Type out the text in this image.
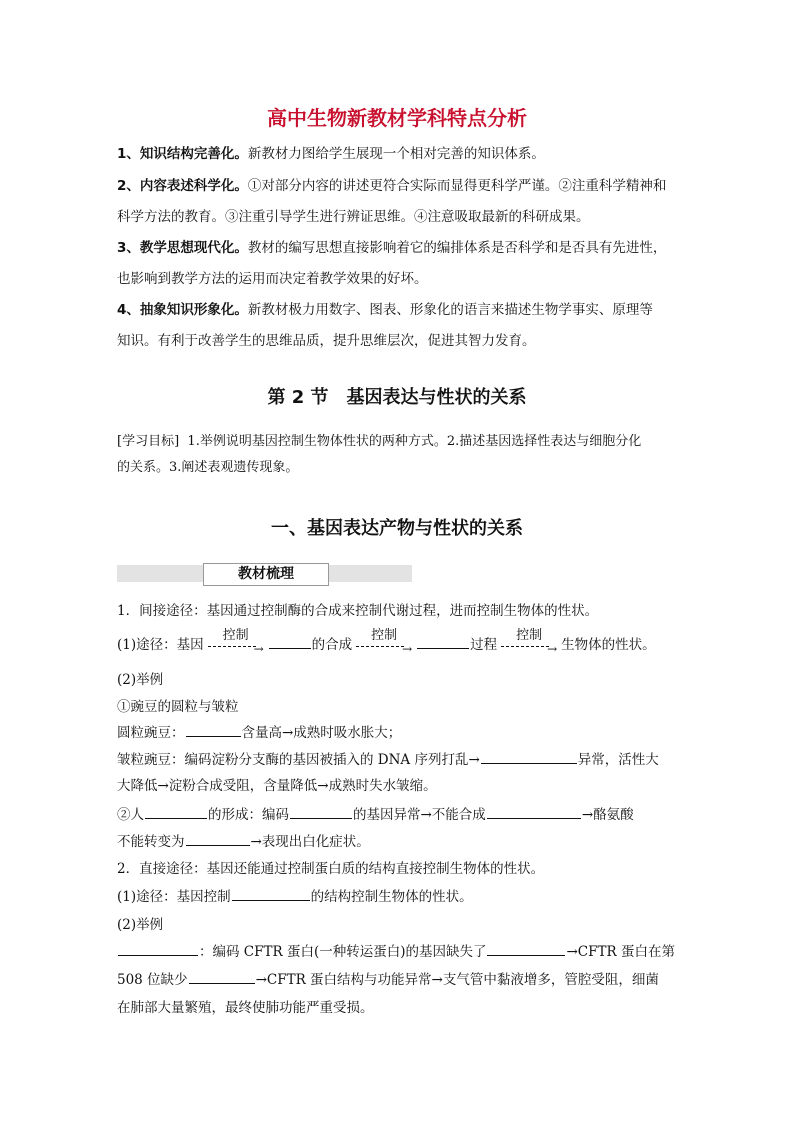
高中生物新教材学科特点分析
1、知识结构完善化。新教材力图给学生展现一个相对完善的知识体系。
2、内容表述科学化。①对部分内容的讲述更符合实际而显得更科学严谨。②注重科学精神和
科学方法的教育。③注重引导学生进行辨证思维。④注意吸取最新的科研成果。
3、教学思想现代化。教材的编写思想直接影响着它的编排体系是否科学和是否具有先进性，
也影响到教学方法的运用而决定着教学效果的好坏。
4、抽象知识形象化。新教材极力用数字、图表、形象化的语言来描述生物学事实、原理等
知识。有利于改善学生的思维品质，提升思维层次，促进其智力发育。
第 2 节　基因表达与性状的关系
[学习目标] 1.举例说明基因控制生物体性状的两种方式。2.描述基因选择性表达与细胞分化
的关系。3.阐述表观遗传现象。
一、基因表达产物与性状的关系
教材梳理
1．间接途径：基因通过控制酶的合成来控制代谢过程，进而控制生物体的性状。
(1)途径：基因
控制
→	的合成
控制
→	过程
控制
→ 生物体的性状。
(2)举例
①豌豆的圆粒与皱粒
圆粒豌豆：	含量高→成熟时吸水胀大；
皱粒豌豆：编码淀粉分支酶的基因被插入的 DNA 序列打乱→	异常，活性大
大降低→淀粉合成受阻，含量降低→成熟时失水皱缩。
②人	的形成：编码	的基因异常→不能合成	→酪氨酸
不能转变为	→表现出白化症状。
2．直接途径：基因还能通过控制蛋白质的结构直接控制生物体的性状。
(1)途径：基因控制	的结构控制生物体的性状。
(2)举例
：编码 CFTR 蛋白(一种转运蛋白)的基因缺失了	→CFTR 蛋白在第
508 位缺少	→CFTR 蛋白结构与功能异常→支气管中黏液增多，管腔受阻，细菌
在肺部大量繁殖，最终使肺功能严重受损。
